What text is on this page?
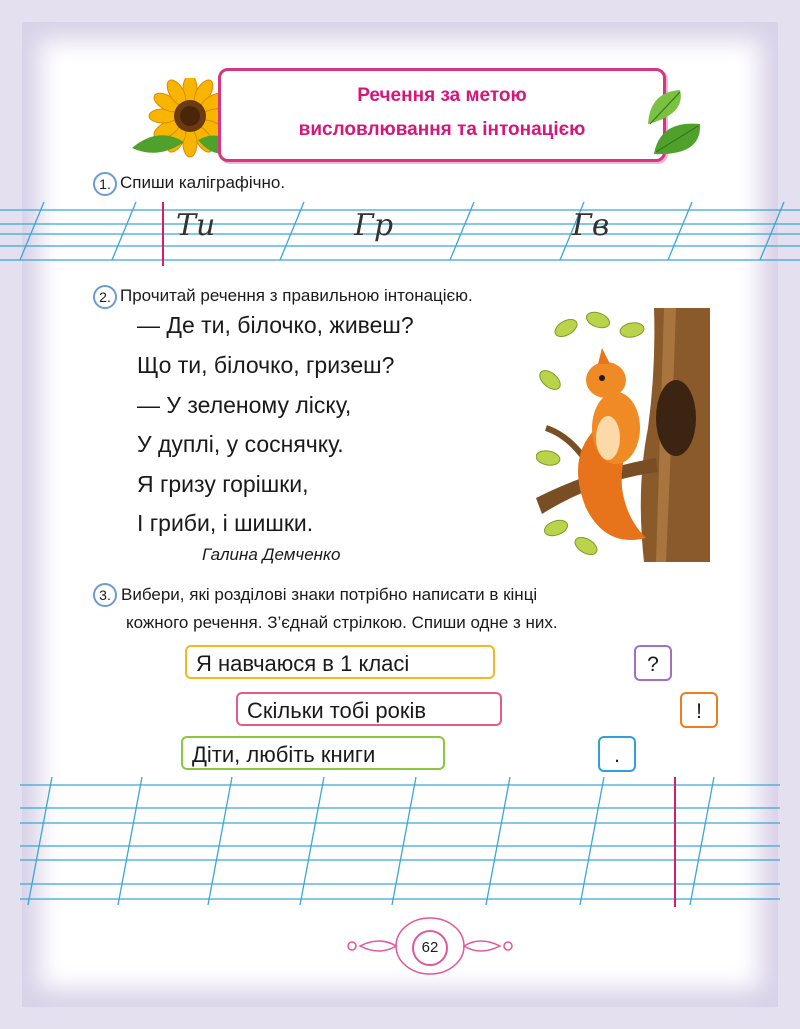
Речення за метою
висловлювання та інтонацією
1. Спиши каліграфічно.
Ти	Гр	Гв
2. Прочитай речення з правильною інтонацією.
— Де ти, білочко, живеш?
Що ти, білочко, гризеш?
— У зеленому ліску,
У дуплі, у соснячку.
Я гризу горішки,
І гриби, і шишки.
Галина Демченко
3. Вибери, які розділові знаки потрібно написати в кінці
кожного речення. З’єднай стрілкою. Спиши одне з них.
Я навчаюся в 1 класі
Скільки тобі років
Діти, любіть книги
?
!
.
62
